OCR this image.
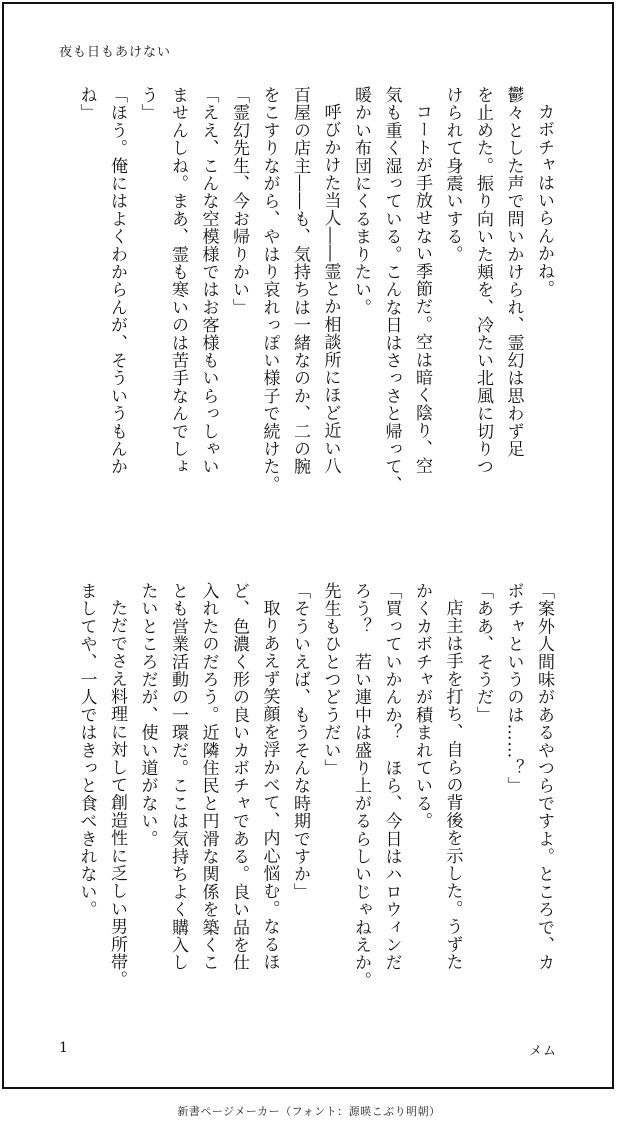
夜も日もあけない
カボチャはいらんかね。
鬱々とした声で問いかけられ、霊幻は思わず足
を止めた。振り向いた頬を、冷たい北風に切りつ
けられて身震いする。
コートが手放せない季節だ。空は暗く陰り、空
気も重く湿っている。こんな日はさっさと帰って、
暖かい布団にくるまりたい。
呼びかけた当人――霊とか相談所にほど近い八
百屋の店主――も、気持ちは一緒なのか、二の腕
をこすりながら、やはり哀れっぽい様子で続けた。
「霊幻先生、今お帰りかい」
「ええ、こんな空模様ではお客様もいらっしゃい
ませんしね。まあ、霊も寒いのは苦手なんでしょ
う」
「ほう。俺にはよくわからんが、そういうもんか
ね」
「案外人間味があるやつらですよ。ところで、カ
ボチャというのは……？」
「ああ、そうだ」
店主は手を打ち、自らの背後を示した。うずた
かくカボチャが積まれている。
「買っていかんか？　ほら、今日はハロウィンだ
ろう？　若い連中は盛り上がるらしいじゃねえか。
先生もひとつどうだい」
「そういえば、もうそんな時期ですか」
取りあえず笑顔を浮かべて、内心悩む。なるほ
ど、色濃く形の良いカボチャである。良い品を仕
入れたのだろう。近隣住民と円滑な関係を築くこ
とも営業活動の一環だ。ここは気持ちよく購入し
たいところだが、使い道がない。
ただでさえ料理に対して創造性に乏しい男所帯。
ましてや、一人ではきっと食べきれない。
1	メム
新書ページメーカー（フォント：源暎こぶり明朝）
